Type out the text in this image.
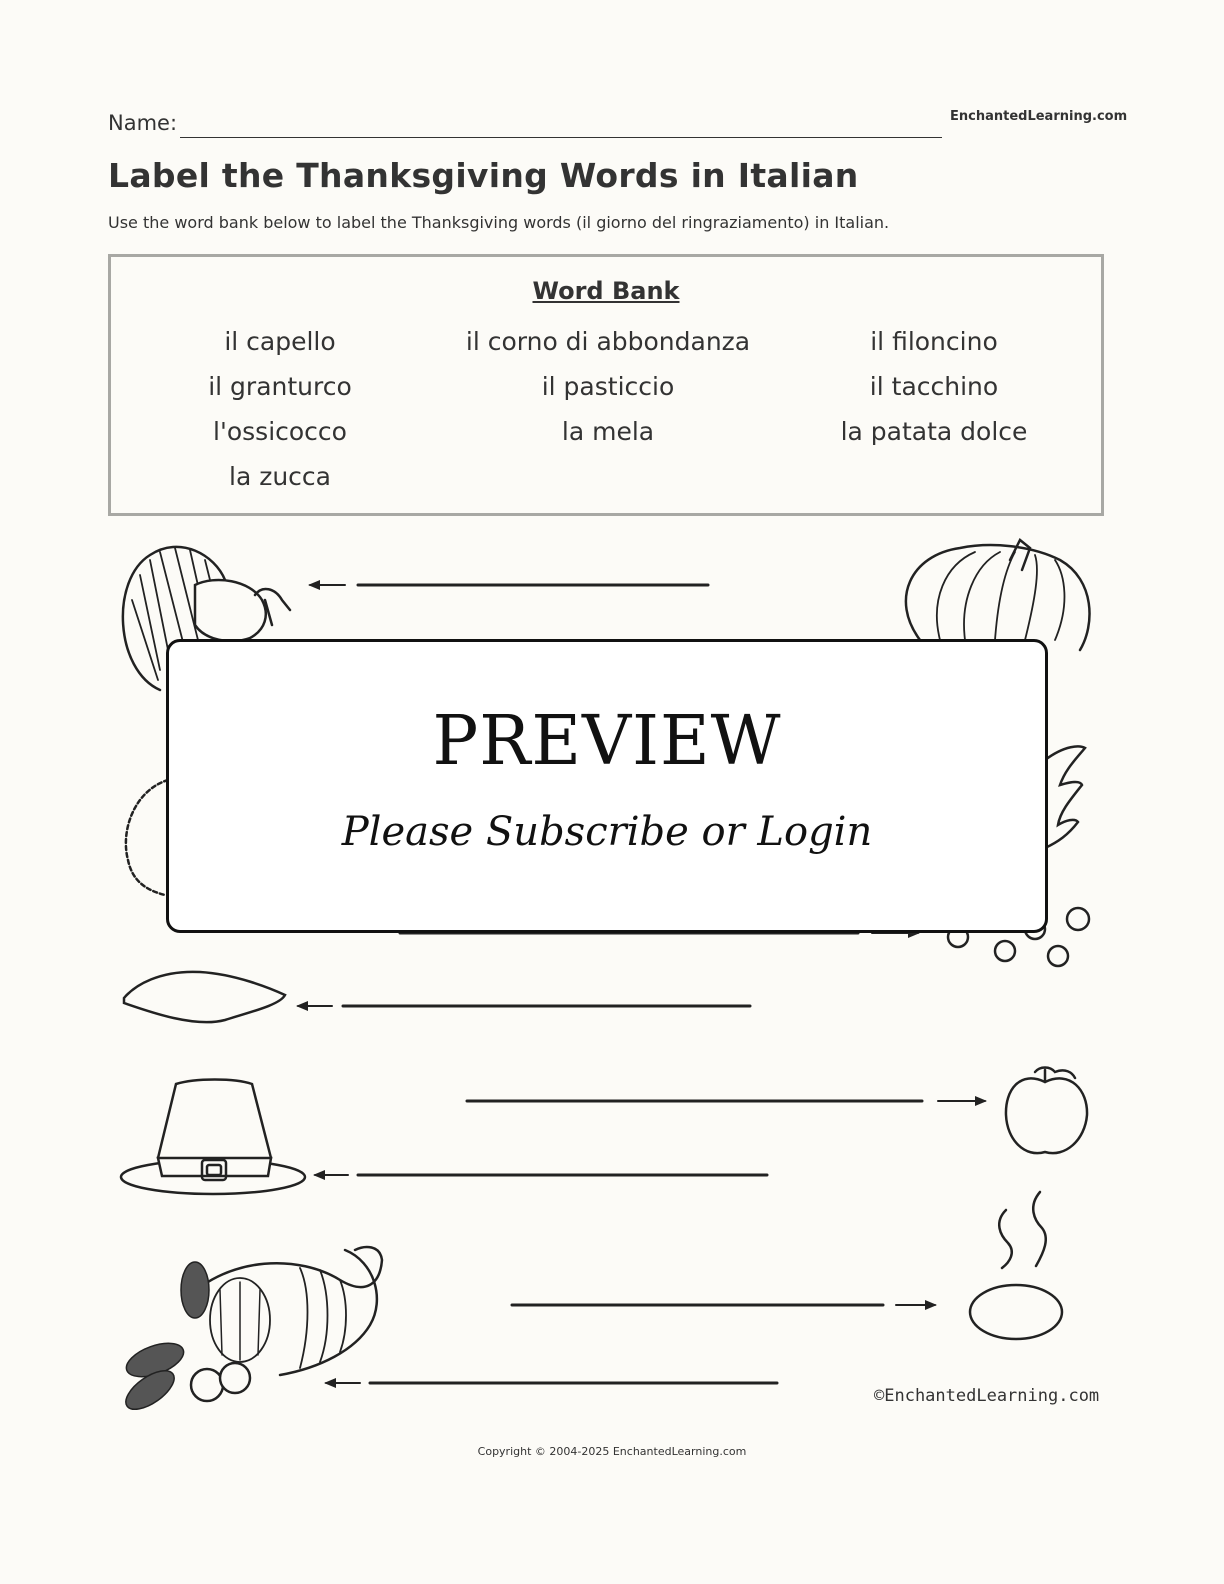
Name:	EnchantedLearning.com
Label the Thanksgiving Words in Italian
Use the word bank below to label the Thanksgiving words (il giorno del ringraziamento) in Italian.
Word Bank
il capello	il corno di abbondanza	il filoncino
il granturco	il pasticcio	il tacchino
l'ossicocco	la mela	la patata dolce
la zucca
PREVIEW
Please Subscribe or Login
©EnchantedLearning.com
Copyright © 2004-2025 EnchantedLearning.com
